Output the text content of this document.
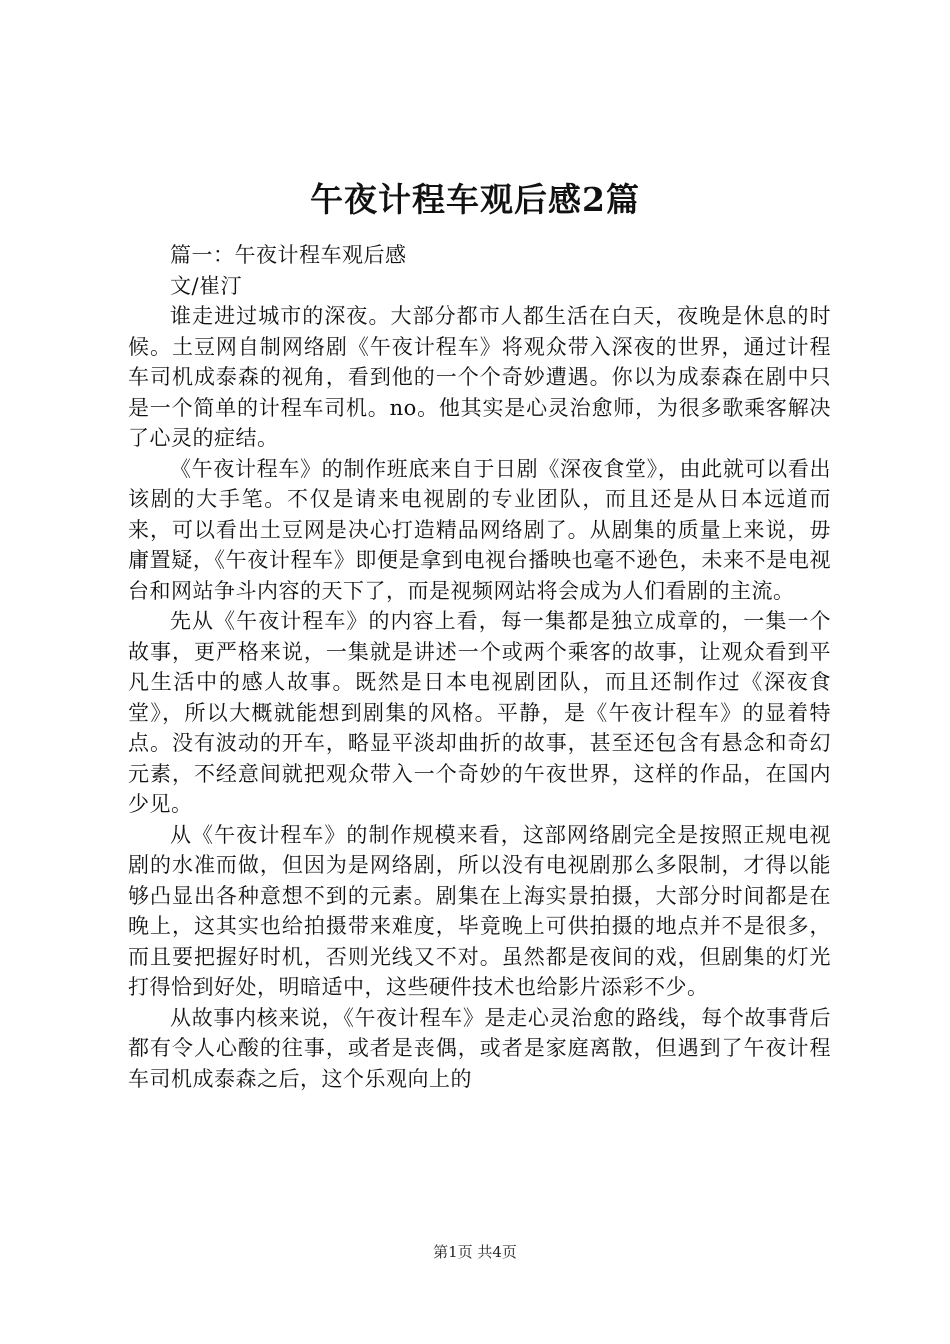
午夜计程车观后感2篇

篇一：午夜计程车观后感

文/崔汀

谁走进过城市的深夜。大部分都市人都生活在白天，夜晚是休息的时候。土豆网自制网络剧《午夜计程车》将观众带入深夜的世界，通过计程车司机成泰森的视角，看到他的一个个奇妙遭遇。你以为成泰森在剧中只是一个简单的计程车司机。no。他其实是心灵治愈师，为很多歌乘客解决了心灵的症结。

《午夜计程车》的制作班底来自于日剧《深夜食堂》，由此就可以看出该剧的大手笔。不仅是请来电视剧的专业团队，而且还是从日本远道而来，可以看出土豆网是决心打造精品网络剧了。从剧集的质量上来说，毋庸置疑，《午夜计程车》即便是拿到电视台播映也毫不逊色，未来不是电视台和网站争斗内容的天下了，而是视频网站将会成为人们看剧的主流。

先从《午夜计程车》的内容上看，每一集都是独立成章的，一集一个故事，更严格来说，一集就是讲述一个或两个乘客的故事，让观众看到平凡生活中的感人故事。既然是日本电视剧团队，而且还制作过《深夜食堂》，所以大概就能想到剧集的风格。平静，是《午夜计程车》的显着特点。没有波动的开车，略显平淡却曲折的故事，甚至还包含有悬念和奇幻元素，不经意间就把观众带入一个奇妙的午夜世界，这样的作品，在国内少见。

从《午夜计程车》的制作规模来看，这部网络剧完全是按照正规电视剧的水准而做，但因为是网络剧，所以没有电视剧那么多限制，才得以能够凸显出各种意想不到的元素。剧集在上海实景拍摄，大部分时间都是在晚上，这其实也给拍摄带来难度，毕竟晚上可供拍摄的地点并不是很多，而且要把握好时机，否则光线又不对。虽然都是夜间的戏，但剧集的灯光打得恰到好处，明暗适中，这些硬件技术也给影片添彩不少。

从故事内核来说，《午夜计程车》是走心灵治愈的路线，每个故事背后都有令人心酸的往事，或者是丧偶，或者是家庭离散，但遇到了午夜计程车司机成泰森之后，这个乐观向上的

第1页 共4页
